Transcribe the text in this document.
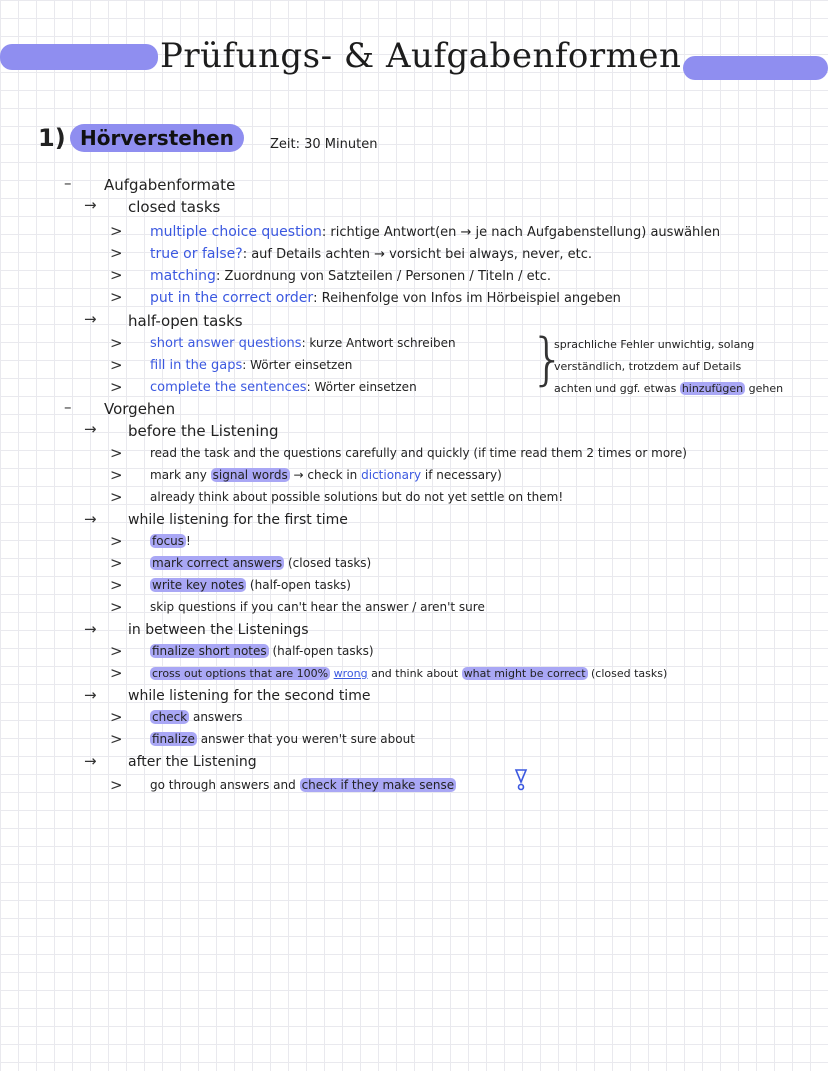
Prüfungs- & Aufgabenformen
1) Hörverstehen	Zeit: 30 Minuten
– Aufgabenformate
→ closed tasks
> multiple choice question: richtige Antwort(en → je nach Aufgabenstellung) auswählen
> true or false?: auf Details achten → vorsicht bei always, never, etc.
> matching: Zuordnung von Satzteilen / Personen / Titeln / etc.
> put in the correct order: Reihenfolge von Infos im Hörbeispiel angeben
→ half-open tasks
> short answer questions: kurze Antwort schreiben
> fill in the gaps: Wörter einsetzen
> complete the sentences: Wörter einsetzen }
sprachliche Fehler unwichtig, solang
verständlich, trotzdem auf Details
achten und ggf. etwas hinzufügen gehen
– Vorgehen
→ before the Listening
> read the task and the questions carefully and quickly (if time read them 2 times or more)
> mark any signal words → check in dictionary if necessary)
> already think about possible solutions but do not yet settle on them!
→ while listening for the first time
> focus !
> mark correct answers (closed tasks)
> write key notes (half-open tasks)
> skip questions if you can't hear the answer / aren't sure
→ in between the Listenings
> finalize short notes (half-open tasks)
>	cross out options that are 100% wrong and think about what might be correct (closed tasks)
→ while listening for the second time
> check answers
> finalize answer that you weren't sure about
→ after the Listening
> go through answers and check if they make sense
